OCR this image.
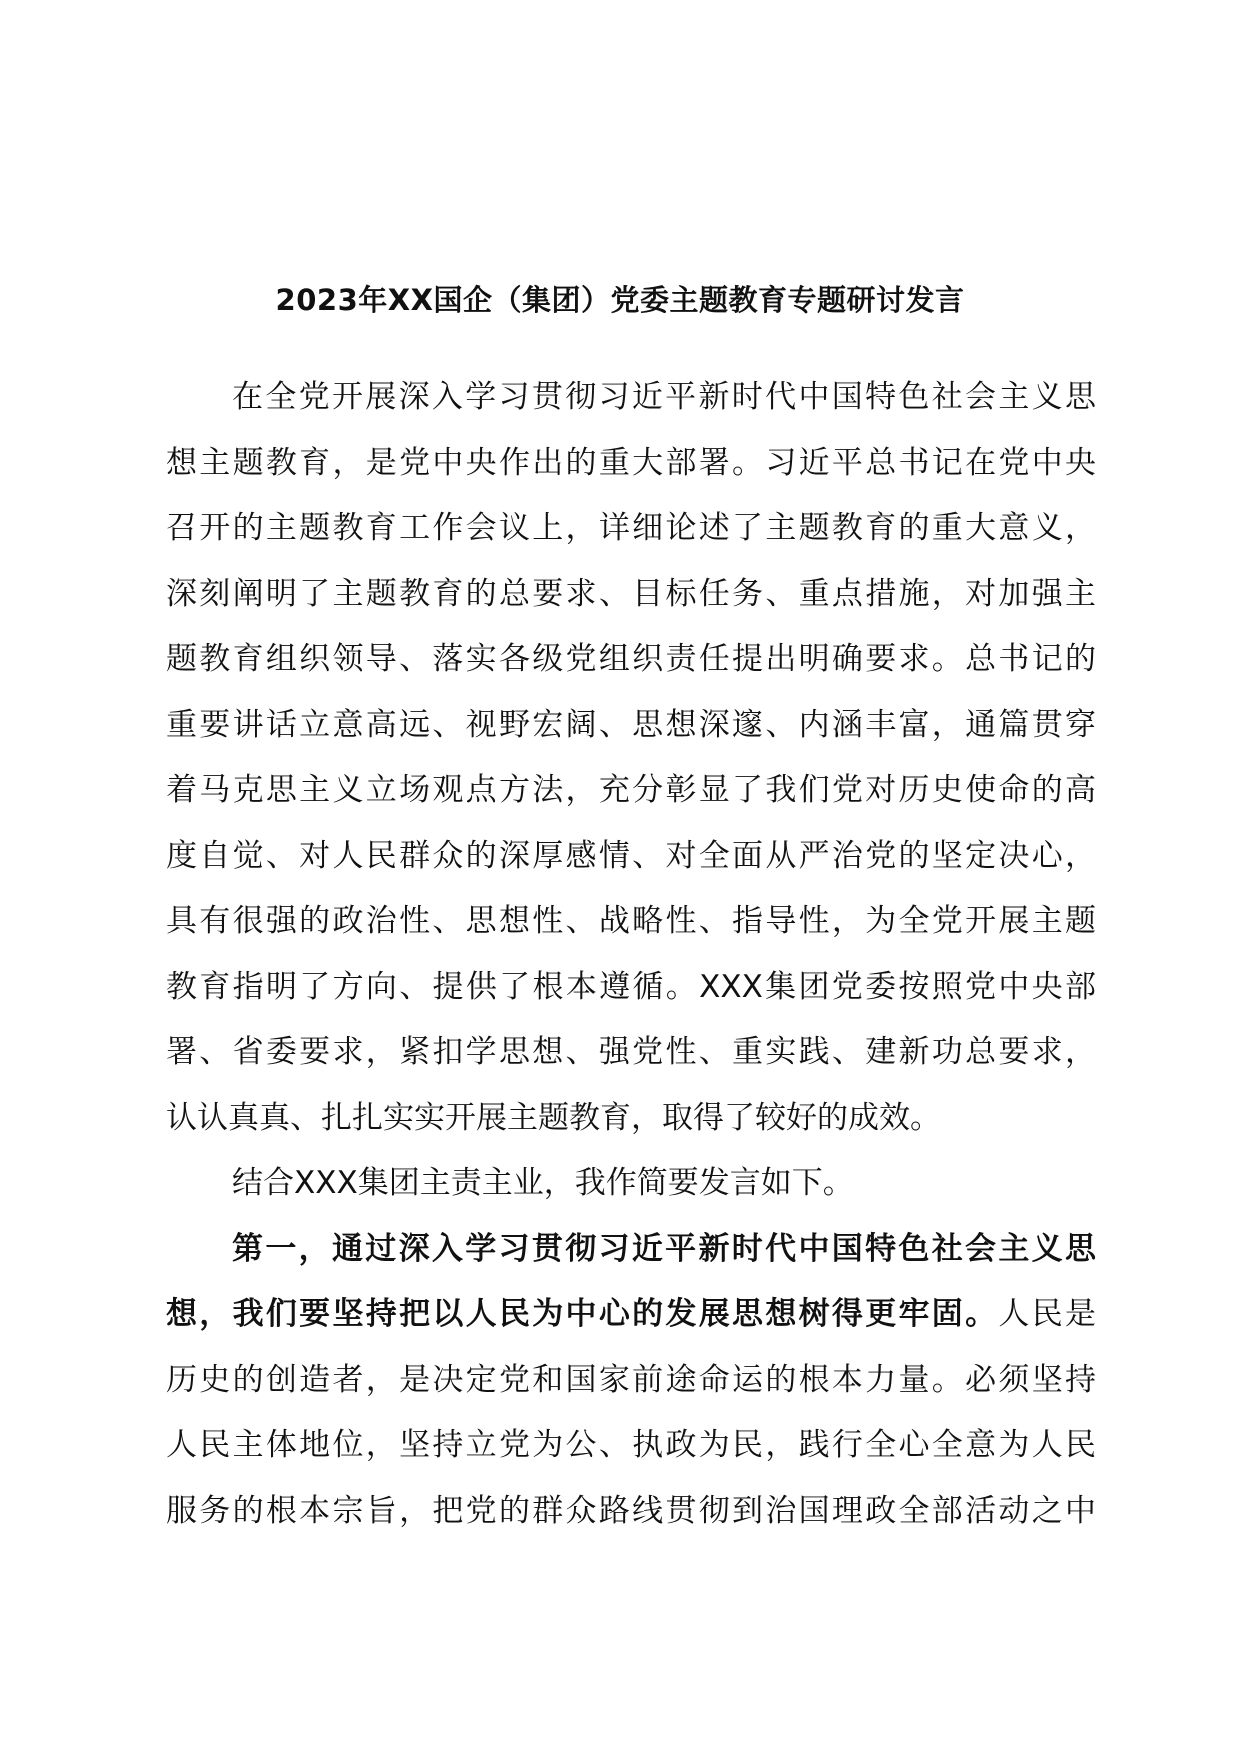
2023年XX国企（集团）党委主题教育专题研讨发言
在全党开展深入学习贯彻习近平新时代中国特色社会主义思
想主题教育，是党中央作出的重大部署。习近平总书记在党中央
召开的主题教育工作会议上，详细论述了主题教育的重大意义，
深刻阐明了主题教育的总要求、目标任务、重点措施，对加强主
题教育组织领导、落实各级党组织责任提出明确要求。总书记的
重要讲话立意高远、视野宏阔、思想深邃、内涵丰富，通篇贯穿
着马克思主义立场观点方法，充分彰显了我们党对历史使命的高
度自觉、对人民群众的深厚感情、对全面从严治党的坚定决心，
具有很强的政治性、思想性、战略性、指导性，为全党开展主题
教育指明了方向、提供了根本遵循。XXX集团党委按照党中央部
署、省委要求，紧扣学思想、强党性、重实践、建新功总要求，
认认真真、扎扎实实开展主题教育，取得了较好的成效。
结合XXX集团主责主业，我作简要发言如下。
第一，通过深入学习贯彻习近平新时代中国特色社会主义思
想，我们要坚持把以人民为中心的发展思想树得更牢固。人民是
历史的创造者，是决定党和国家前途命运的根本力量。必须坚持
人民主体地位，坚持立党为公、执政为民，践行全心全意为人民
服务的根本宗旨，把党的群众路线贯彻到治国理政全部活动之中
